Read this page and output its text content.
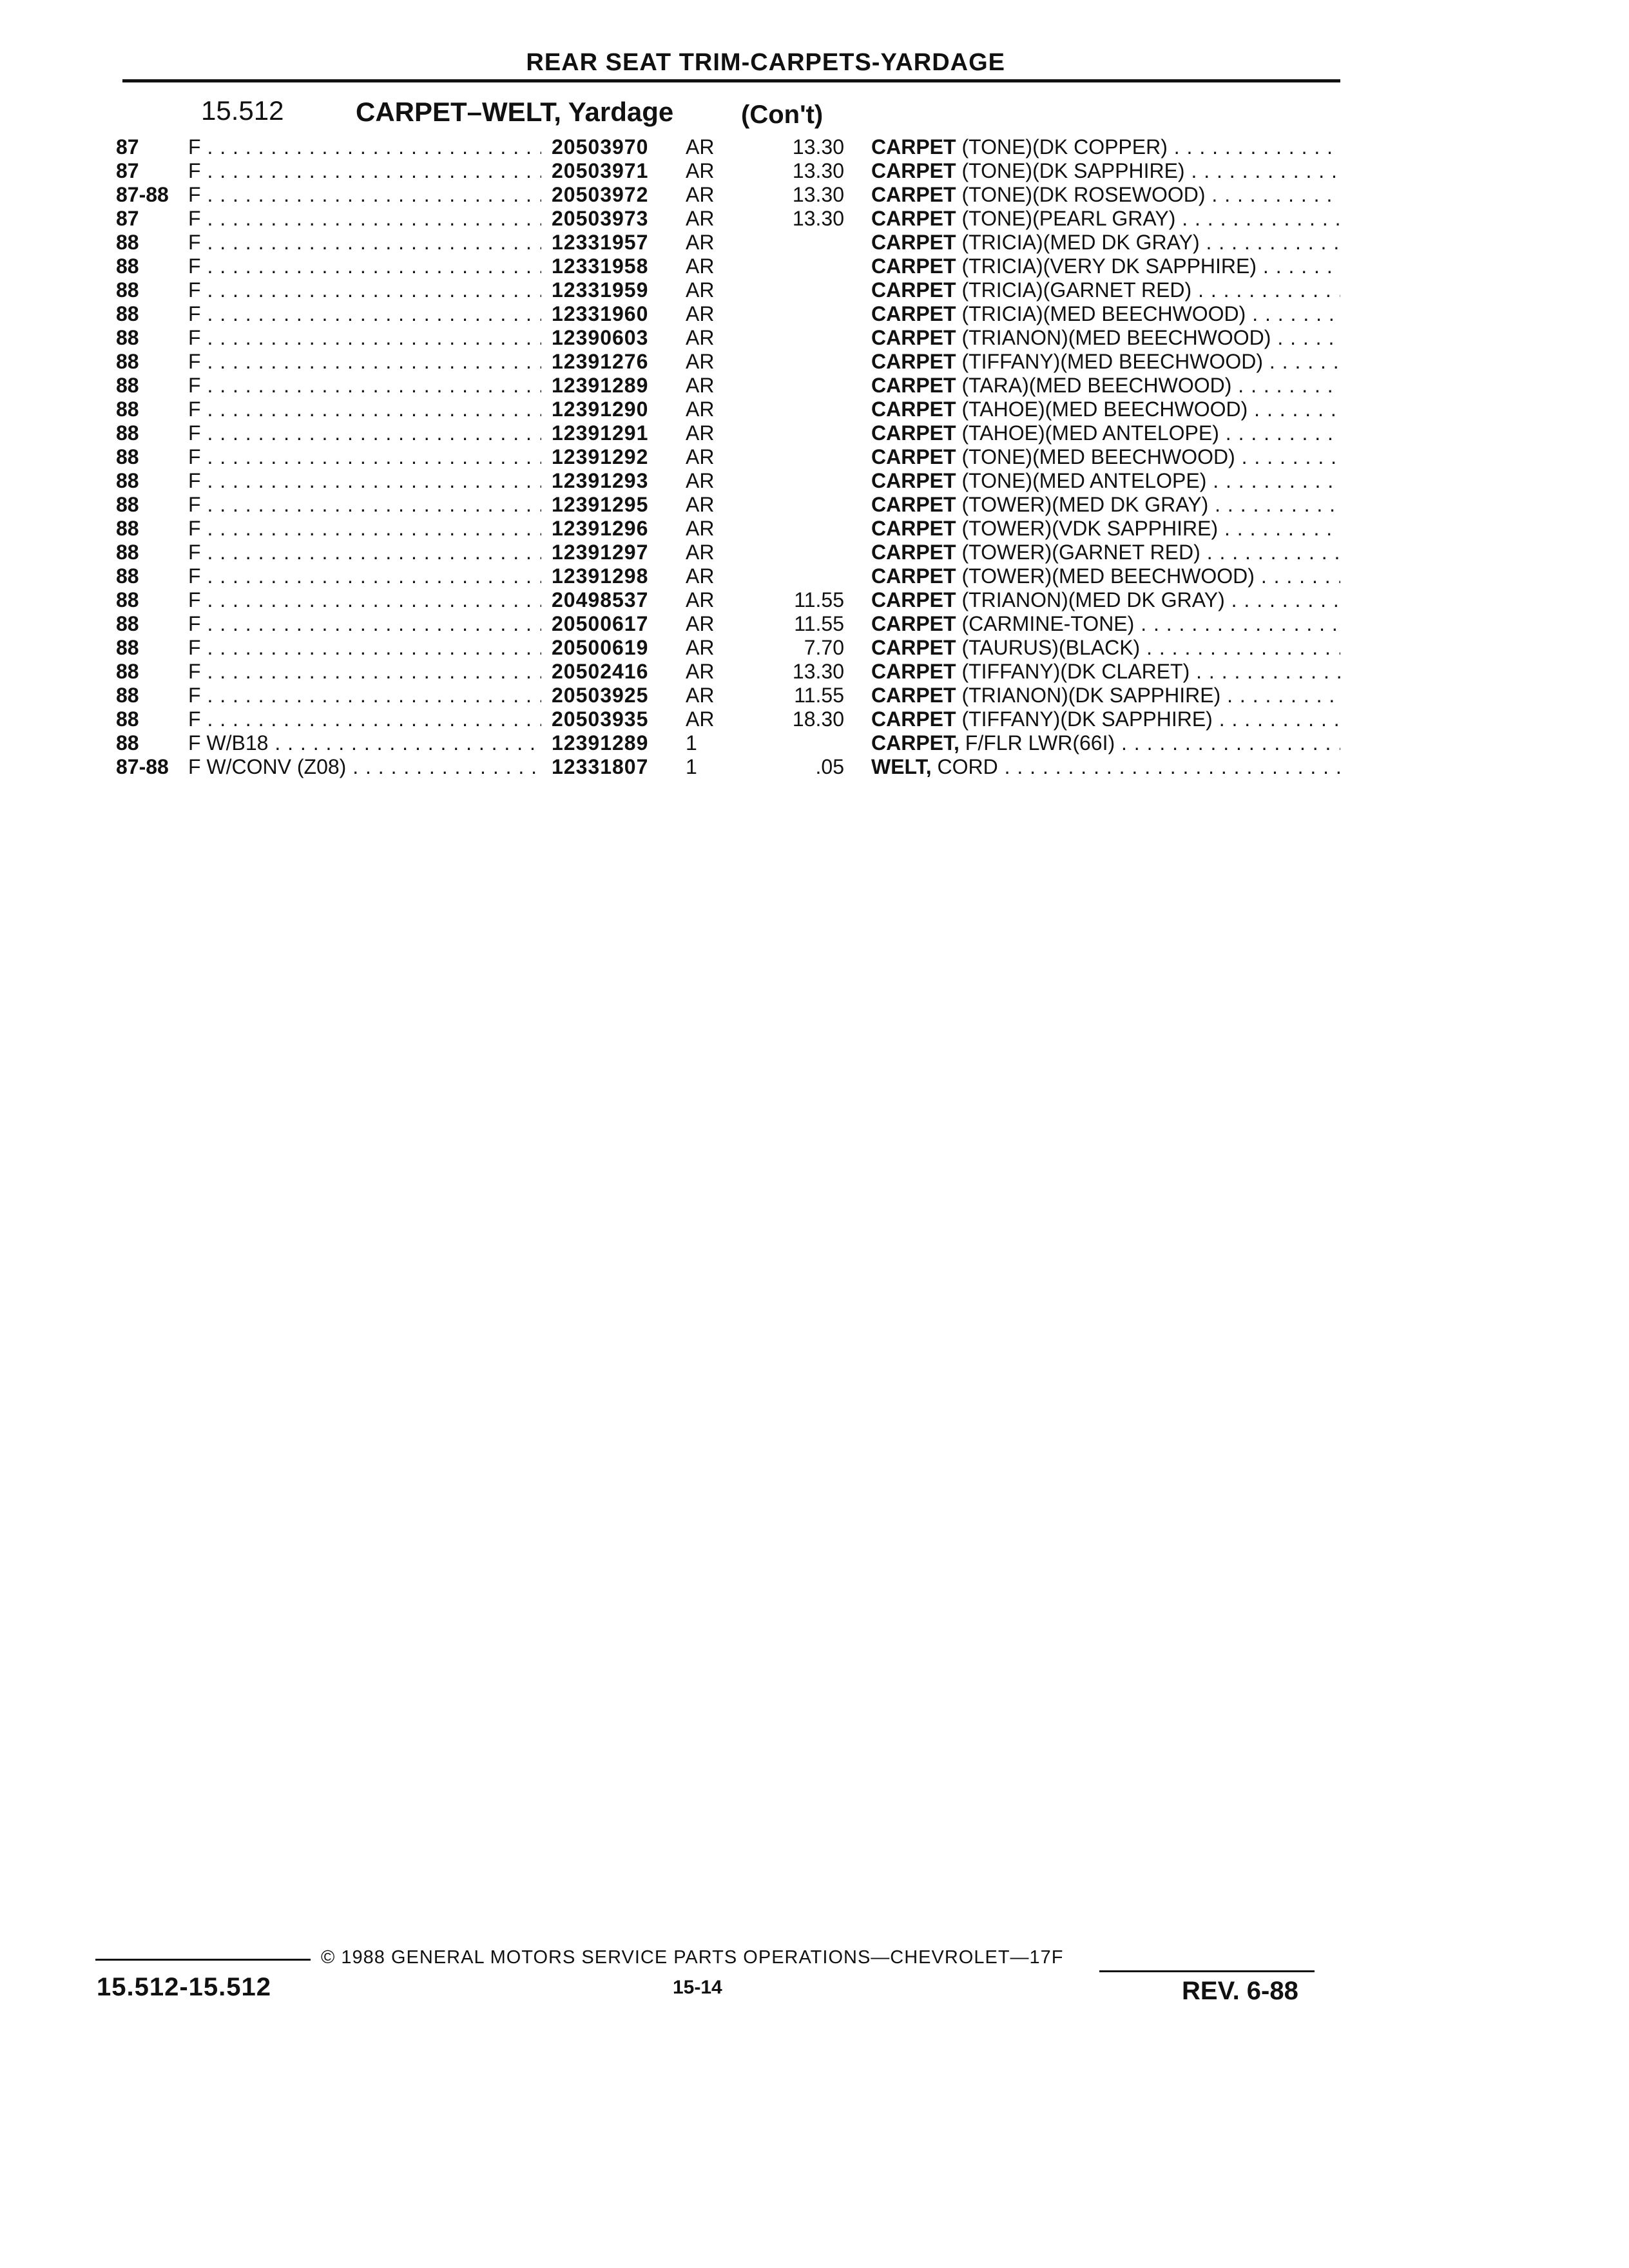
REAR SEAT TRIM-CARPETS-YARDAGE
15.512	CARPET–WELT, Yardage	(Con't)
87 F . . .	20503970 AR	13.30 CARPET (TONE)(DK COPPER) . . .
87 F . . .	20503971 AR	13.30 CARPET (TONE)(DK SAPPHIRE) . . .
87-88 F . . .	20503972 AR	13.30 CARPET (TONE)(DK ROSEWOOD) . . .
87 F . . .	20503973 AR	13.30 CARPET (TONE)(PEARL GRAY) . . .
88 F . . .	12331957 AR	CARPET (TRICIA)(MED DK GRAY) . . .
88 F . . .	12331958 AR	CARPET (TRICIA)(VERY DK SAPPHIRE) . . .
88 F . . .	12331959 AR	CARPET (TRICIA)(GARNET RED) . . .
88 F . . .	12331960 AR	CARPET (TRICIA)(MED BEECHWOOD) . . .
88 F . . .	12390603 AR	CARPET (TRIANON)(MED BEECHWOOD) . . .
88 F . . .	12391276 AR	CARPET (TIFFANY)(MED BEECHWOOD) . . .
88 F . . .	12391289 AR	CARPET (TARA)(MED BEECHWOOD) . . .
88 F . . .	12391290 AR	CARPET (TAHOE)(MED BEECHWOOD) . . .
88 F . . .	12391291 AR	CARPET (TAHOE)(MED ANTELOPE) . . .
88 F . . .	12391292 AR	CARPET (TONE)(MED BEECHWOOD) . . .
88 F . . .	12391293 AR	CARPET (TONE)(MED ANTELOPE) . . .
88 F . . .	12391295 AR	CARPET (TOWER)(MED DK GRAY) . . .
88 F . . .	12391296 AR	CARPET (TOWER)(VDK SAPPHIRE) . . .
88 F . . .	12391297 AR	CARPET (TOWER)(GARNET RED) . . .
88 F . . .	12391298 AR	CARPET (TOWER)(MED BEECHWOOD) . . .
88 F . . .	20498537 AR	11.55 CARPET (TRIANON)(MED DK GRAY) . . .
88 F . . .	20500617 AR	11.55 CARPET (CARMINE-TONE) . . .
88 F . . .	20500619 AR	7.70 CARPET (TAURUS)(BLACK) . . .
88 F . . .	20502416 AR	13.30 CARPET (TIFFANY)(DK CLARET) . . .
88 F . . .	20503925 AR	11.55 CARPET (TRIANON)(DK SAPPHIRE) . . .
88 F . . .	20503935 AR	18.30 CARPET (TIFFANY)(DK SAPPHIRE) . . .
88 F W/B18 . . .	12391289 1	CARPET, F/FLR LWR(66I) . . .
87-88 F W/CONV (Z08) . . .	12331807 1	.05 WELT, CORD . . .
© 1988 GENERAL MOTORS SERVICE PARTS OPERATIONS—CHEVROLET—17F
15.512-15.512	15-14	REV. 6-88
